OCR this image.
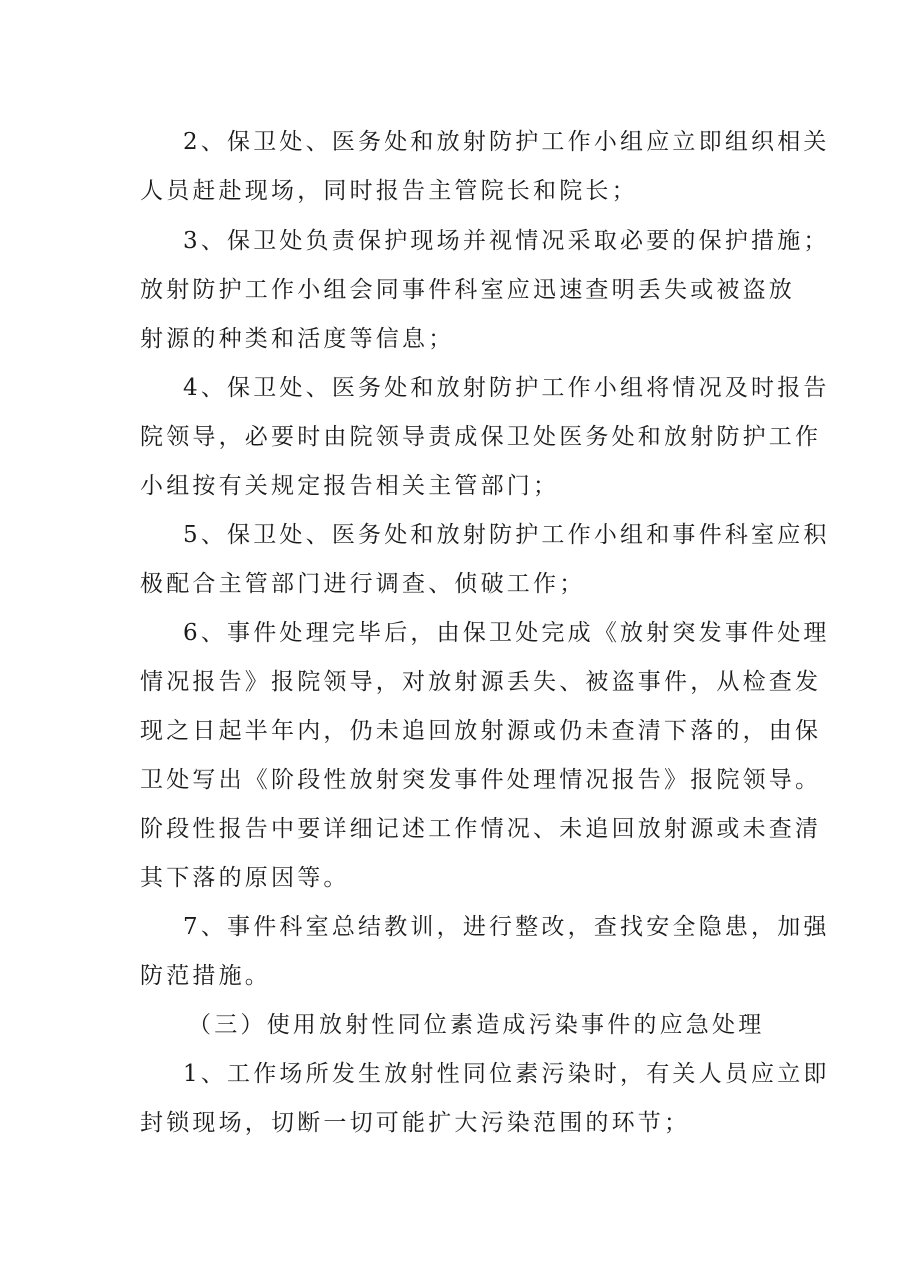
2、保卫处、医务处和放射防护工作小组应立即组织相关
人员赶赴现场，同时报告主管院长和院长；
3、保卫处负责保护现场并视情况采取必要的保护措施；
放射防护工作小组会同事件科室应迅速查明丢失或被盗放
射源的种类和活度等信息；
4、保卫处、医务处和放射防护工作小组将情况及时报告
院领导，必要时由院领导责成保卫处医务处和放射防护工作
小组按有关规定报告相关主管部门；
5、保卫处、医务处和放射防护工作小组和事件科室应积
极配合主管部门进行调查、侦破工作；
6、事件处理完毕后，由保卫处完成《放射突发事件处理
情况报告》报院领导，对放射源丢失、被盗事件，从检查发
现之日起半年内，仍未追回放射源或仍未查清下落的，由保
卫处写出《阶段性放射突发事件处理情况报告》报院领导。
阶段性报告中要详细记述工作情况、未追回放射源或未查清
其下落的原因等。
7、事件科室总结教训，进行整改，查找安全隐患，加强
防范措施。
（三）使用放射性同位素造成污染事件的应急处理
1、工作场所发生放射性同位素污染时，有关人员应立即
封锁现场，切断一切可能扩大污染范围的环节；
